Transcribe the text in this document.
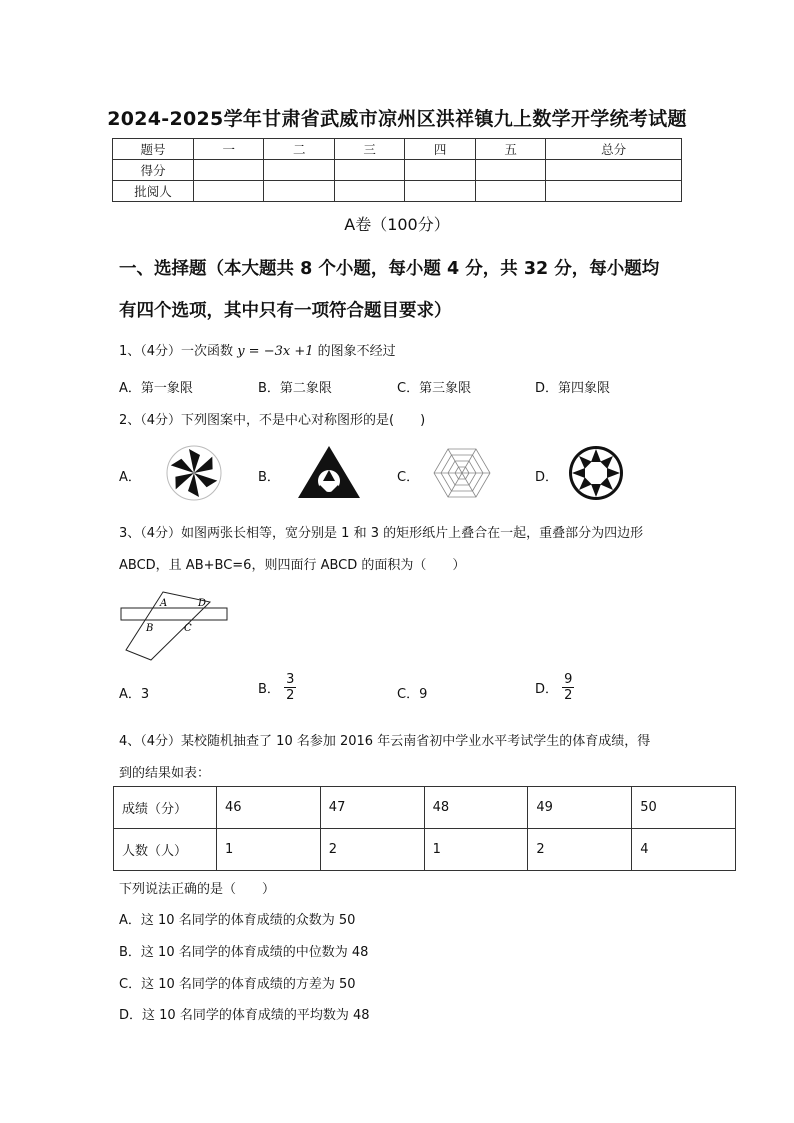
2024-2025学年甘肃省武威市凉州区洪祥镇九上数学开学统考试题
题号	一	二	三	四	五	总分
得分						
批阅人						
A卷（100分）
一、选择题（本大题共 8 个小题，每小题 4 分，共 32 分，每小题均
有四个选项，其中只有一项符合题目要求）
1、（4分）一次函数 y = −3x +1 的图象不经过
A．第一象限	B．第二象限	C．第三象限	D．第四象限
2、（4分）下列图案中，不是中心对称图形的是(　　)
A．	B．	C．	D．
3、（4分）如图两张长相等，宽分别是 1 和 3 的矩形纸片上叠合在一起，重叠部分为四边形
ABCD，且 AB+BC=6，则四面行 ABCD 的面积为（　　）
A	D
B	C
A．3	B． $\frac{3}{2}$	C．9	D． $\frac{9}{2}$
4、（4分）某校随机抽查了 10 名参加 2016 年云南省初中学业水平考试学生的体育成绩，得
到的结果如表：
成绩（分）	46	47	48	49	50
人数（人）	1	2	1	2	4
下列说法正确的是（　　）
A．这 10 名同学的体育成绩的众数为 50
B．这 10 名同学的体育成绩的中位数为 48
C．这 10 名同学的体育成绩的方差为 50
D．这 10 名同学的体育成绩的平均数为 48
